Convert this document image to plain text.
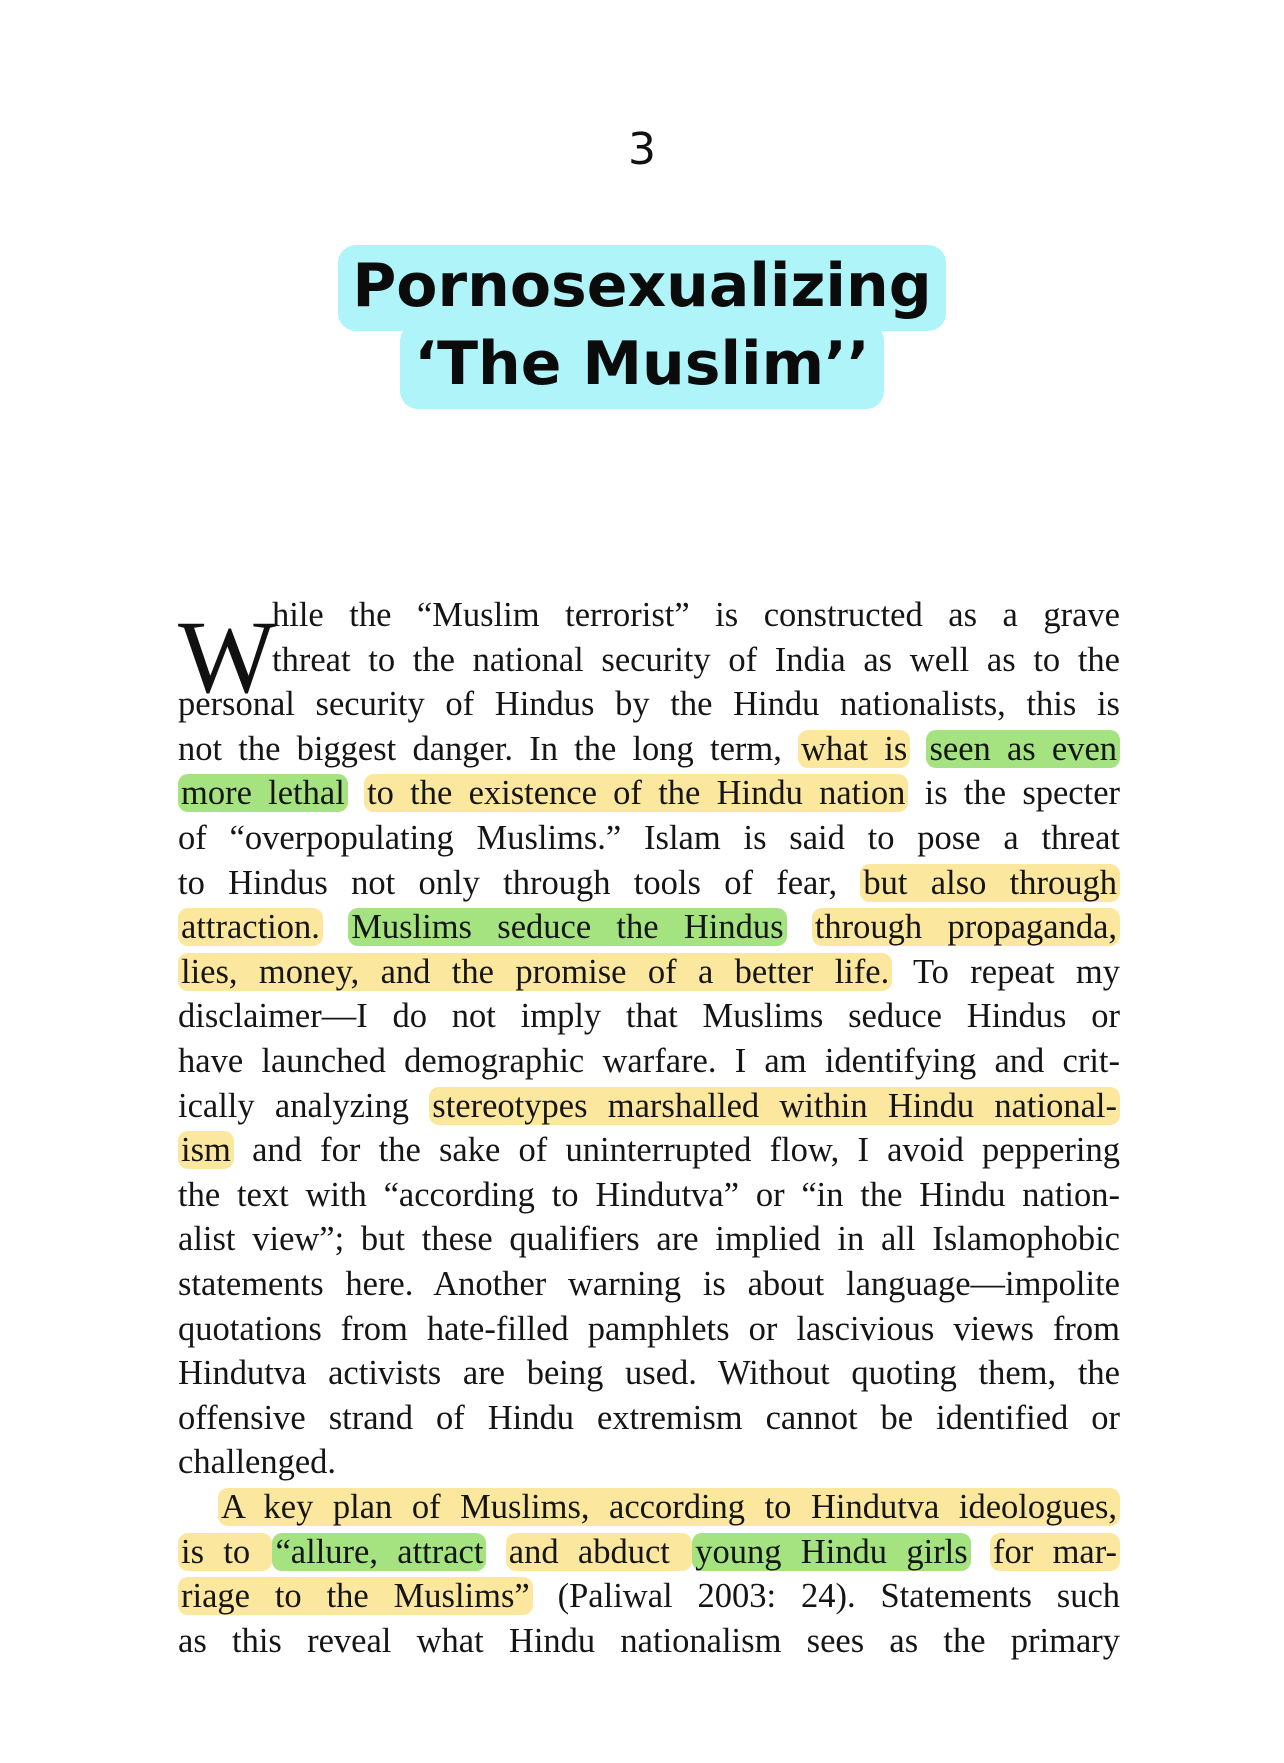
3
Pornosexualizing
‘The Muslim’’
W
hile the “Muslim terrorist” is constructed as a grave
threat to the national security of India as well as to the
personal security of Hindus by the Hindu nationalists, this is
not the biggest danger. In the long term, what is seen as even
more lethal to the existence of the Hindu nation is the specter
of “overpopulating Muslims.” Islam is said to pose a threat
to Hindus not only through tools of fear, but also through
attraction. Muslims seduce the Hindus through propaganda,
lies, money, and the promise of a better life. To repeat my
disclaimer—I do not imply that Muslims seduce Hindus or
have launched demographic warfare. I am identifying and crit-
ically analyzing stereotypes marshalled within Hindu national-
ism and for the sake of uninterrupted flow, I avoid peppering
the text with “according to Hindutva” or “in the Hindu nation-
alist view”; but these qualifiers are implied in all Islamophobic
statements here. Another warning is about language—impolite
quotations from hate-filled pamphlets or lascivious views from
Hindutva activists are being used. Without quoting them, the
offensive strand of Hindu extremism cannot be identified or
challenged.
A key plan of Muslims, according to Hindutva ideologues,
is to “allure, attract and abduct young Hindu girls for mar-
riage to the Muslims” (Paliwal 2003: 24). Statements such
as this reveal what Hindu nationalism sees as the primary
